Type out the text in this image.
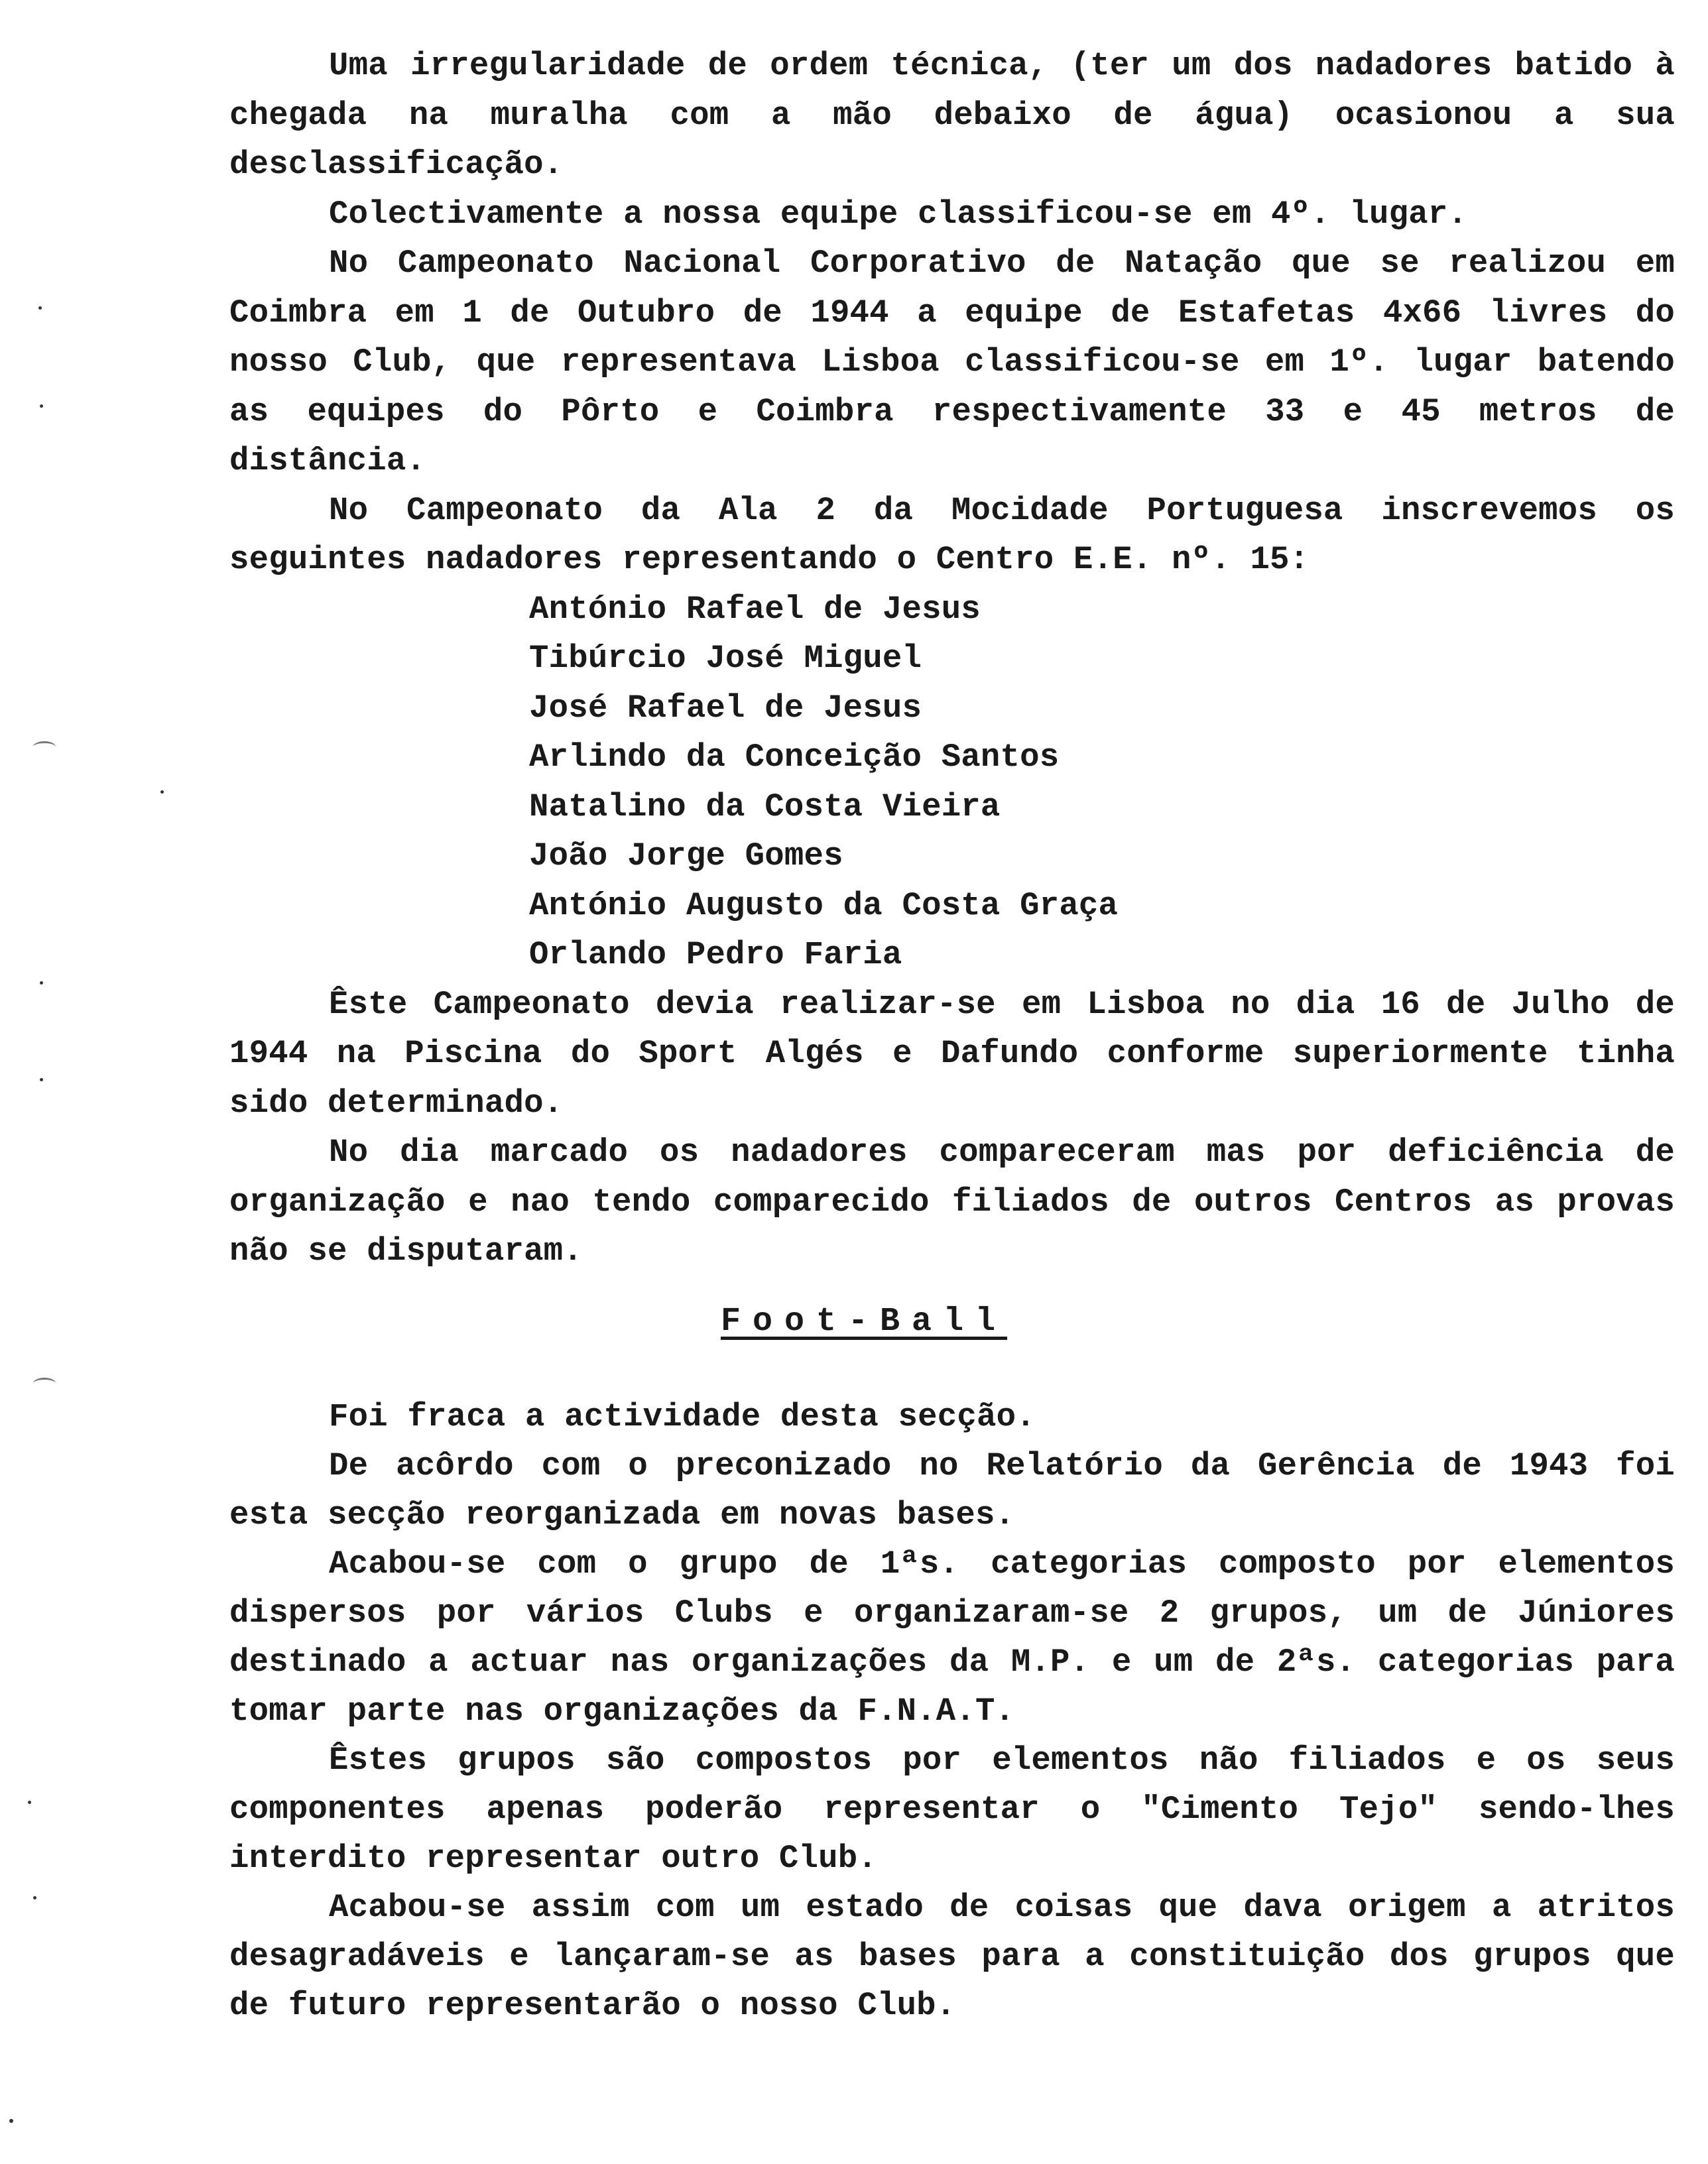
Uma irregularidade de ordem técnica, (ter um dos nadadores batido à chegada na muralha com a mão debaixo de água) ocasionou a sua desclassificação.

Colectivamente a nossa equipe classificou-se em 4º. lugar.

No Campeonato Nacional Corporativo de Natação que se realizou em Coimbra em 1 de Outubro de 1944 a equipe de Estafetas 4x66 livres do nosso Club, que representava Lisboa classificou-se em 1º. lugar batendo as equipes do Pôrto e Coimbra respectivamente 33 e 45 metros de distância.

No Campeonato da Ala 2 da Mocidade Portuguesa inscrevemos os seguintes nadadores representando o Centro E.E. nº. 15:

António Rafael de Jesus
Tibúrcio José Miguel
José Rafael de Jesus
Arlindo da Conceição Santos
Natalino da Costa Vieira
João Jorge Gomes
António Augusto da Costa Graça
Orlando Pedro Faria

Êste Campeonato devia realizar-se em Lisboa no dia 16 de Julho de 1944 na Piscina do Sport Algés e Dafundo conforme superiormente tinha sido determinado.

No dia marcado os nadadores compareceram mas por deficiência de organização e nao tendo comparecido filiados de outros Centros as provas não se disputaram.

Foot-Ball

Foi fraca a actividade desta secção.

De acôrdo com o preconizado no Relatório da Gerência de 1943 foi esta secção reorganizada em novas bases.

Acabou-se com o grupo de 1ªs. categorias composto por elementos dispersos por vários Clubs e organizaram-se 2 grupos, um de Júniores destinado a actuar nas organizações da M.P. e um de 2ªs. categorias para tomar parte nas organizações da F.N.A.T.

Êstes grupos são compostos por elementos não filiados e os seus componentes apenas poderão representar o "Cimento Tejo" sendo-lhes interdito representar outro Club.

Acabou-se assim com um estado de coisas que dava origem a atritos desagradáveis e lançaram-se as bases para a constituição dos grupos que de futuro representarão o nosso Club.
